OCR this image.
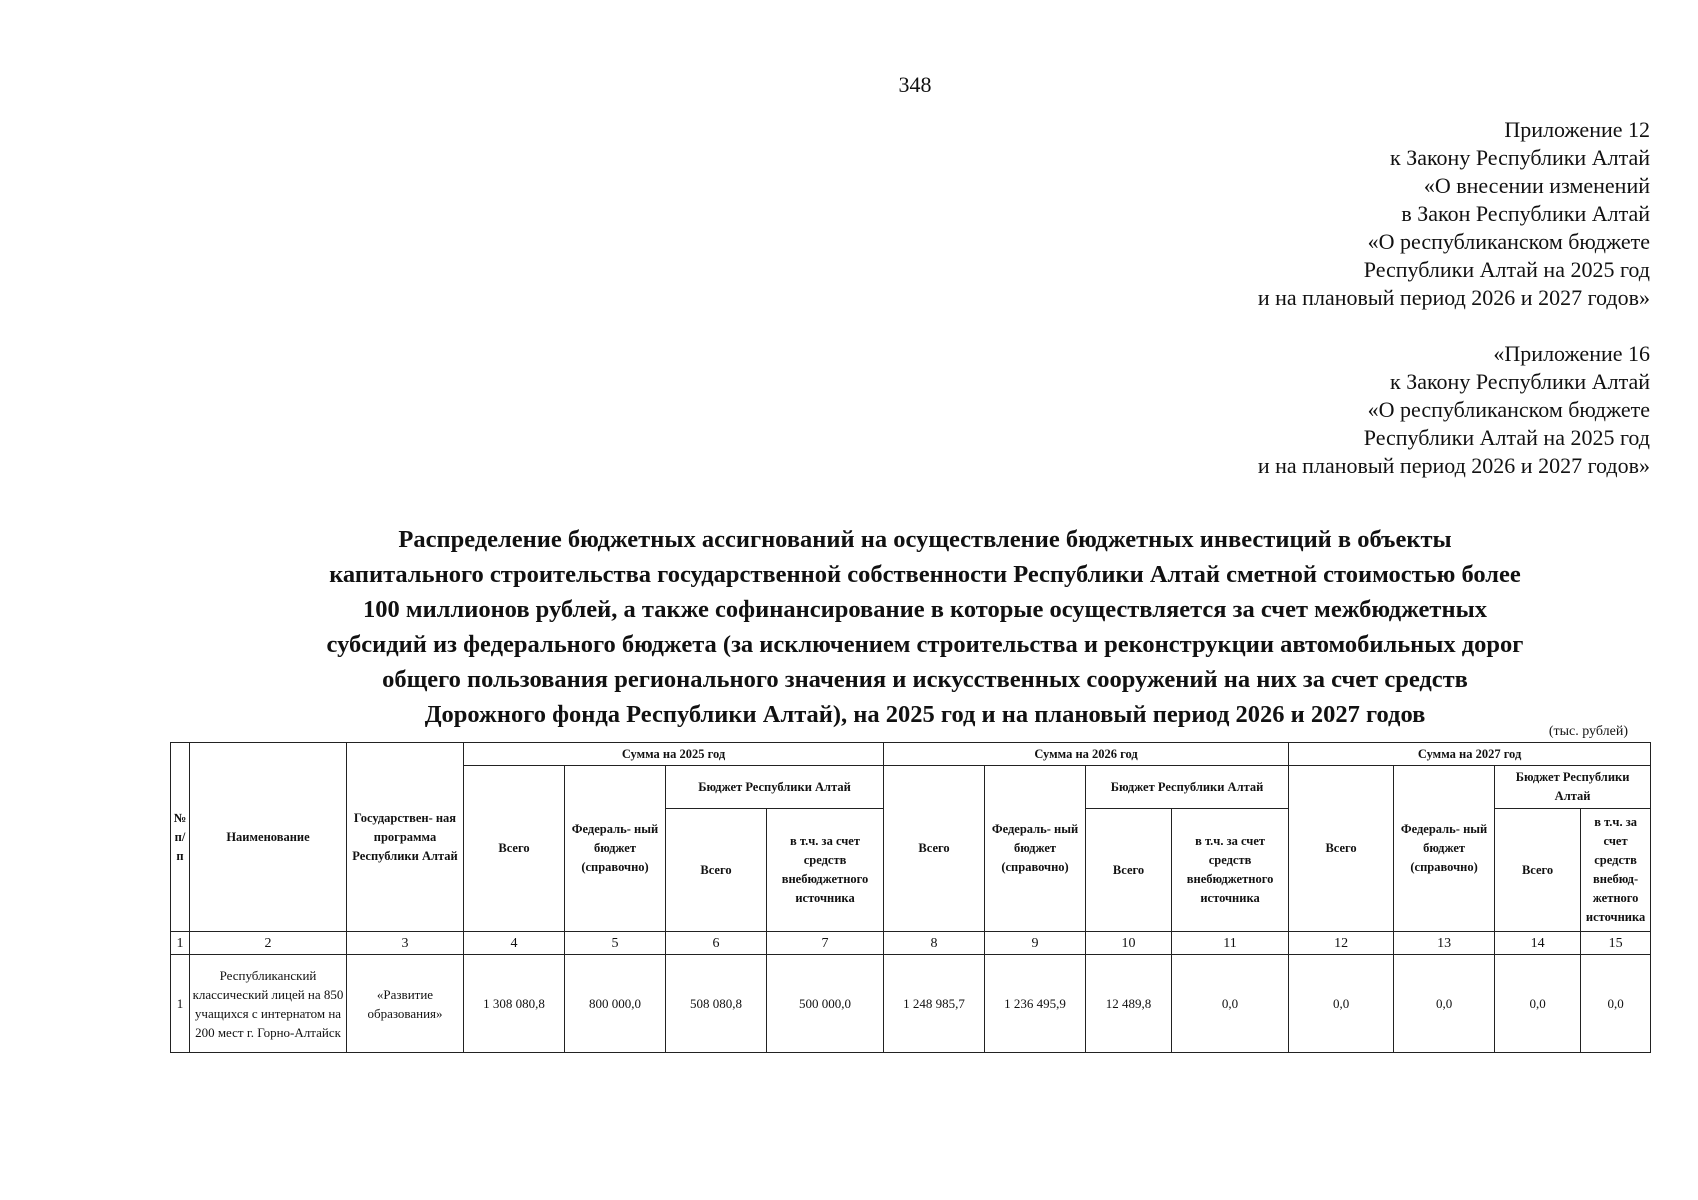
348
Приложение 12
к Закону Республики Алтай
«О внесении изменений
в Закон Республики Алтай
«О республиканском бюджете
Республики Алтай на 2025 год
и на плановый период 2026 и 2027 годов»
«Приложение 16
к Закону Республики Алтай
«О республиканском бюджете
Республики Алтай на 2025 год
и на плановый период 2026 и 2027 годов»
Распределение бюджетных ассигнований на осуществление бюджетных инвестиций в объекты
капитального строительства государственной собственности Республики Алтай сметной стоимостью более
100 миллионов рублей, а также софинансирование в которые осуществляется за счет межбюджетных
субсидий из федерального бюджета (за исключением строительства и реконструкции автомобильных дорог
общего пользования регионального значения и искусственных сооружений на них за счет средств
Дорожного фонда Республики Алтай), на 2025 год и на плановый период 2026 и 2027 годов
(тыс. рублей)
№ п/п	Наименование	Государствен- ная программа Республики Алтай	Сумма на 2025 год				Сумма на 2026 год				Сумма на 2027 год			
			Всего	Федераль- ный бюджет (справочно)	Бюджет Республики Алтай		Всего	Федераль- ный бюджет (справочно)	Бюджет Республики Алтай		Всего	Федераль- ный бюджет (справочно)	Бюджет Республики Алтай	
					Всего	в т.ч. за счет средств внебюджетного источника			Всего	в т.ч. за счет средств внебюджетного источника			Всего	в т.ч. за счет средств внебюд- жетного источника
1	2	3	4	5	6	7	8	9	10	11	12	13	14	15
1	Республиканский классический лицей на 850 учащихся с интернатом на 200 мест г. Горно-Алтайск	«Развитие образования»	1 308 080,8	800 000,0	508 080,8	500 000,0	1 248 985,7	1 236 495,9	12 489,8	0,0	0,0	0,0	0,0	0,0
